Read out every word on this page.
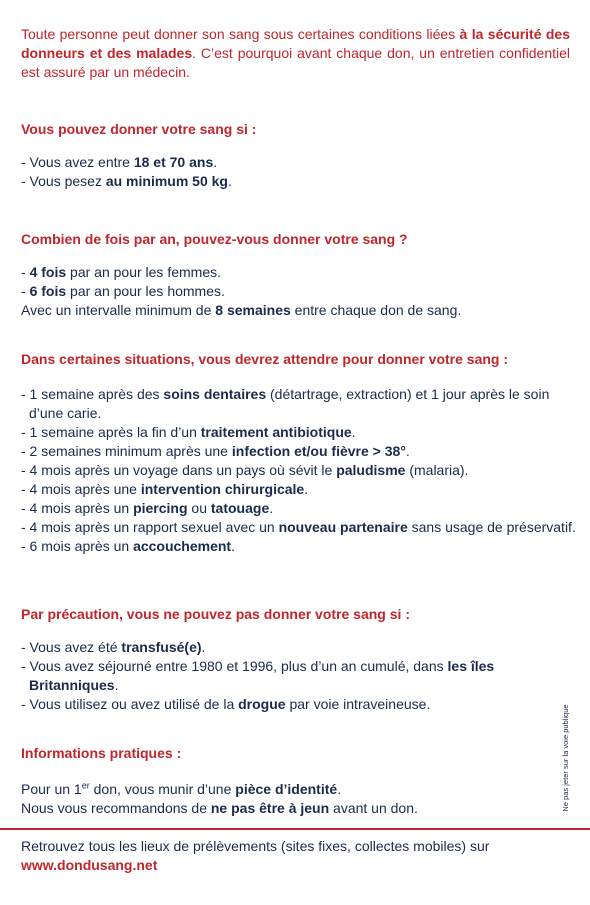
Toute personne peut donner son sang sous certaines conditions liées à la sécurité des donneurs et des malades. C’est pourquoi avant chaque don, un entretien confidentiel est assuré par un médecin.

Vous pouvez donner votre sang si :
- Vous avez entre 18 et 70 ans.
- Vous pesez au minimum 50 kg.
Combien de fois par an, pouvez-vous donner votre sang ?
- 4 fois par an pour les femmes.
- 6 fois par an pour les hommes.
Avec un intervalle minimum de 8 semaines entre chaque don de sang.
Dans certaines situations, vous devrez attendre pour donner votre sang :
- 1 semaine après des soins dentaires (détartrage, extraction) et 1 jour après le soin d’une carie.
- 1 semaine après la fin d’un traitement antibiotique.
- 2 semaines minimum après une infection et/ou fièvre > 38°.
- 4 mois après un voyage dans un pays où sévit le paludisme (malaria).
- 4 mois après une intervention chirurgicale.
- 4 mois après un piercing ou tatouage.
- 4 mois après un rapport sexuel avec un nouveau partenaire sans usage de préservatif.
- 6 mois après un accouchement.
Par précaution, vous ne pouvez pas donner votre sang si :
- Vous avez été transfusé(e).
- Vous avez séjourné entre 1980 et 1996, plus d’un an cumulé, dans les îles Britanniques.
- Vous utilisez ou avez utilisé de la drogue par voie intraveineuse.
Informations pratiques :
Pour un 1er don, vous munir d’une pièce d’identité.
Nous vous recommandons de ne pas être à jeun avant un don.	Ne pas jeter sur la voie publique
Retrouvez tous les lieux de prélèvements (sites fixes, collectes mobiles) sur
www.dondusang.net
